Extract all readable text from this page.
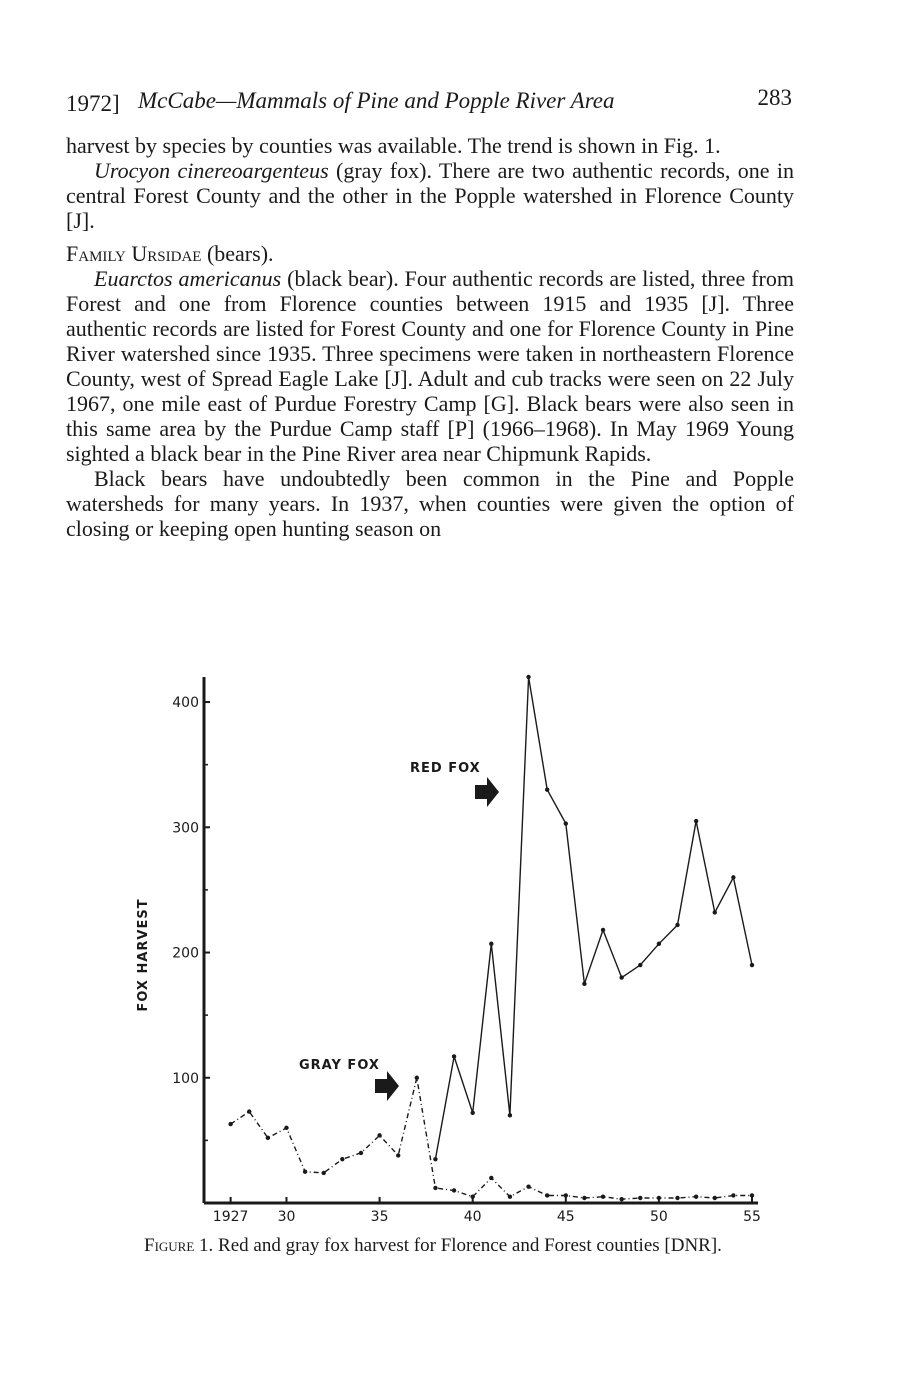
1972] McCabe—Mammals of Pine and Popple River Area	283

harvest by species by counties was available. The trend is shown in Fig. 1.

Urocyon cinereoargenteus (gray fox). There are two authentic records, one in central Forest County and the other in the Popple watershed in Florence County [J].

Family Ursidae (bears).

Euarctos americanus (black bear). Four authentic records are listed, three from Forest and one from Florence counties between 1915 and 1935 [J]. Three authentic records are listed for Forest County and one for Florence County in Pine River watershed since 1935. Three specimens were taken in northeastern Florence County, west of Spread Eagle Lake [J]. Adult and cub tracks were seen on 22 July 1967, one mile east of Purdue Forestry Camp [G]. Black bears were also seen in this same area by the Purdue Camp staff [P] (1966–1968). In May 1969 Young sighted a black bear in the Pine River area near Chipmunk Rapids.

Black bears have undoubtedly been common in the Pine and Popple watersheds for many years. In 1937, when counties were given the option of closing or keeping open hunting season on

100
200
300
400
1927 30	35	40	45	50	55
FOX HARVEST
RED FOX
GRAY FOX
Figure 1. Red and gray fox harvest for Florence and Forest counties [DNR].
